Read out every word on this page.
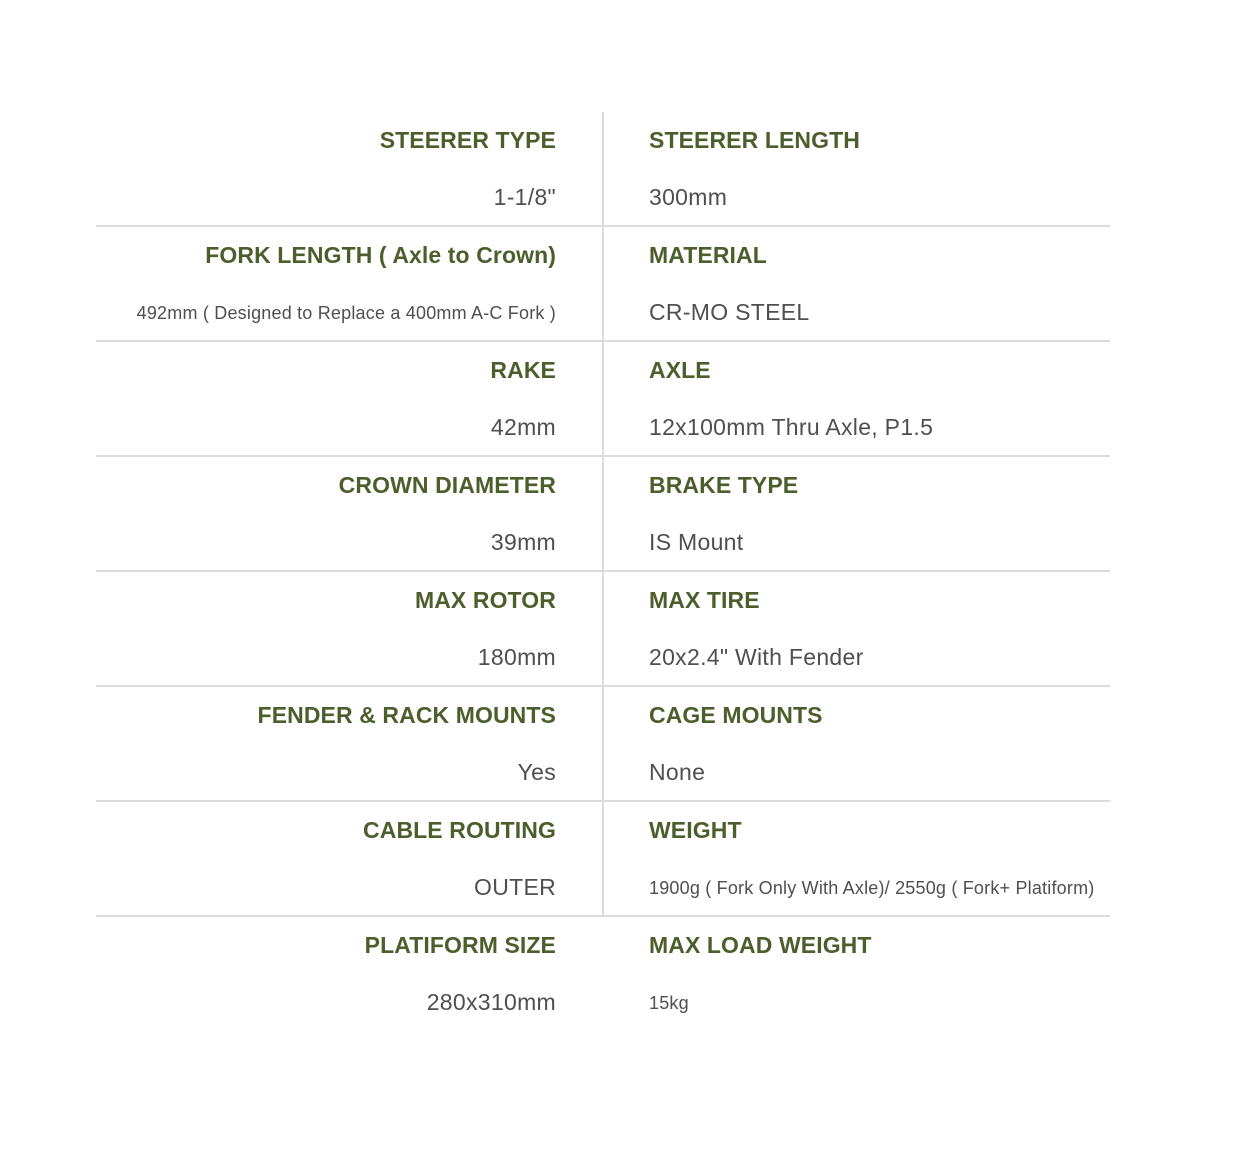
STEERER TYPE
1-1/8"
STEERER LENGTH
300mm
FORK LENGTH ( Axle to Crown)
492mm ( Designed to Replace a 400mm A-C Fork )
MATERIAL
CR-MO STEEL
RAKE
42mm
AXLE
12x100mm Thru Axle, P1.5
CROWN DIAMETER
39mm
BRAKE TYPE
IS Mount
MAX ROTOR
180mm
MAX TIRE
20x2.4" With Fender
FENDER & RACK MOUNTS
Yes
CAGE MOUNTS
None
CABLE ROUTING
OUTER
WEIGHT
1900g ( Fork Only With Axle)/ 2550g ( Fork+ Platiform)
PLATIFORM SIZE
280x310mm
MAX LOAD WEIGHT
15kg
